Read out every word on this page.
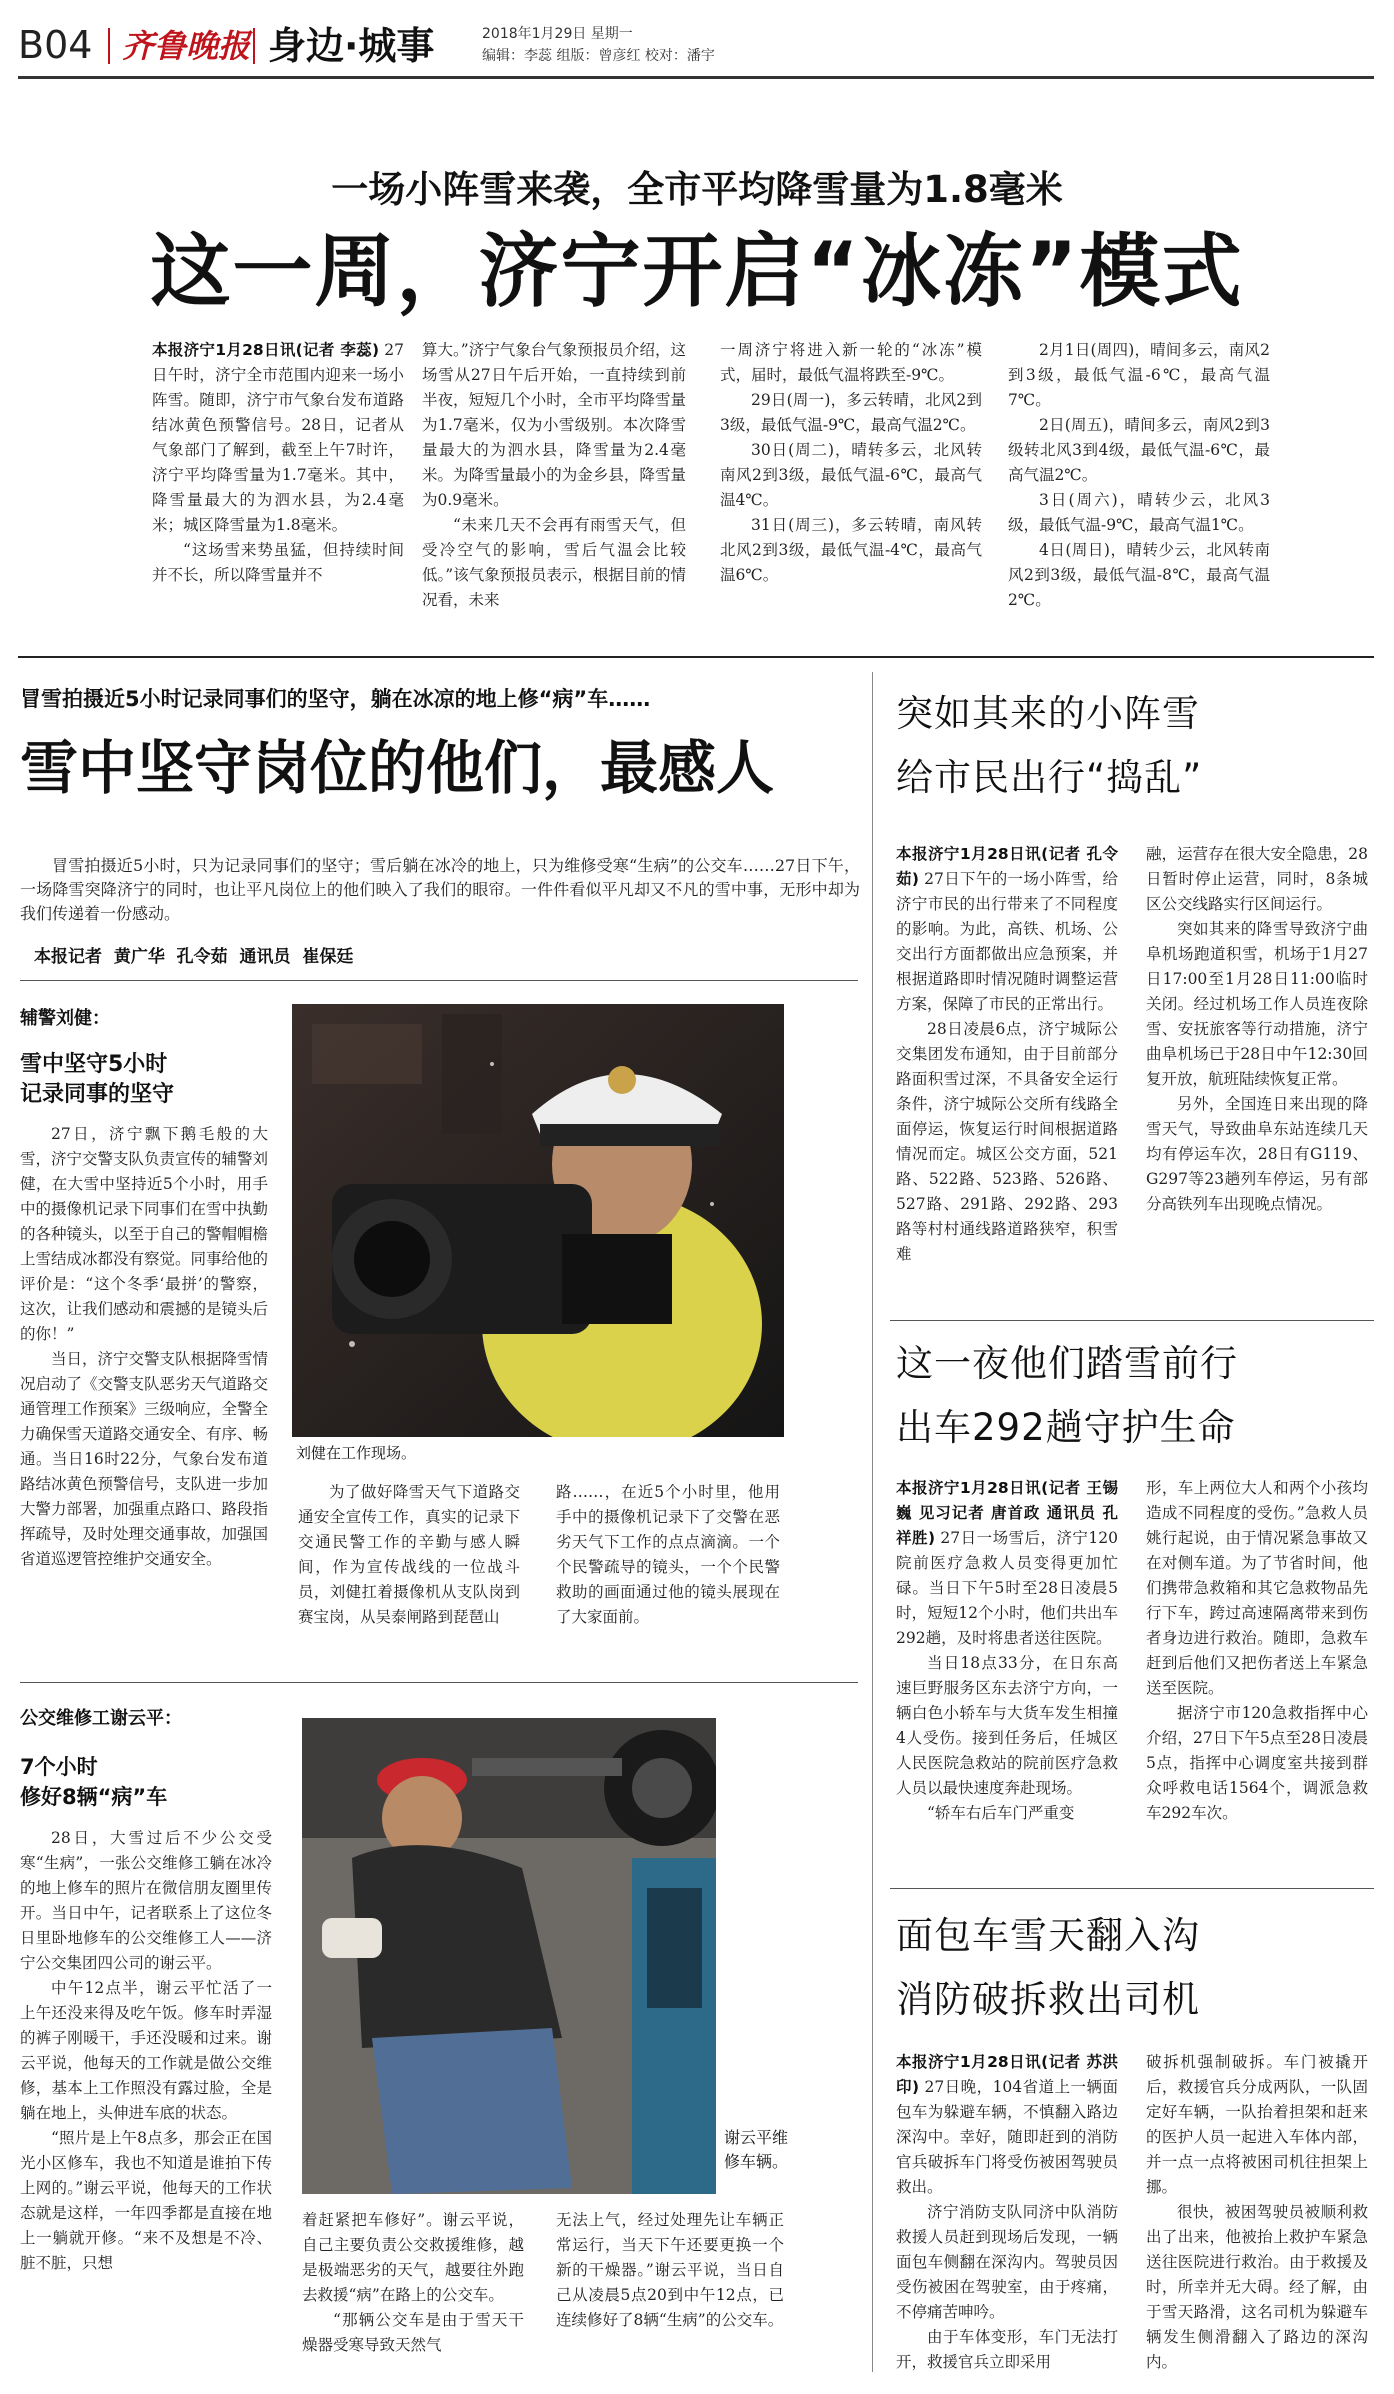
B04 齐鲁晚报 身边·城事	2018年1月29日 星期一
编辑：李蕊 组版：曾彦红 校对：潘宇
一场小阵雪来袭，全市平均降雪量为1.8毫米
这一周，济宁开启“冰冻”模式

本报济宁1月28日讯(记者 李蕊) 27日午时，济宁全市范围内迎来一场小阵雪。随即，济宁市气象台发布道路结冰黄色预警信号。28日，记者从气象部门了解到，截至上午7时许，济宁平均降雪量为1.7毫米。其中，降雪量最大的为泗水县，为2.4毫米；城区降雪量为1.8毫米。

“这场雪来势虽猛，但持续时间并不长，所以降雪量并不

算大。”济宁气象台气象预报员介绍，这场雪从27日午后开始，一直持续到前半夜，短短几个小时，全市平均降雪量为1.7毫米，仅为小雪级别。本次降雪量最大的为泗水县，降雪量为2.4毫米。为降雪量最小的为金乡县，降雪量为0.9毫米。

“未来几天不会再有雨雪天气，但受冷空气的影响，雪后气温会比较低。”该气象预报员表示，根据目前的情况看，未来

一周济宁将进入新一轮的“冰冻”模式，届时，最低气温将跌至-9℃。

29日(周一)，多云转晴，北风2到3级，最低气温-9℃，最高气温2℃。

30日(周二)，晴转多云，北风转南风2到3级，最低气温-6℃，最高气温4℃。

31日(周三)，多云转晴，南风转北风2到3级，最低气温-4℃，最高气温6℃。

2月1日(周四)，晴间多云，南风2到3级，最低气温-6℃，最高气温7℃。

2日(周五)，晴间多云，南风2到3级转北风3到4级，最低气温-6℃，最高气温2℃。

3日(周六)，晴转少云，北风3级，最低气温-9℃，最高气温1℃。

4日(周日)，晴转少云，北风转南风2到3级，最低气温-8℃，最高气温2℃。

冒雪拍摄近5小时记录同事们的坚守，躺在冰凉的地上修“病”车……
雪中坚守岗位的他们，最感人

冒雪拍摄近5小时，只为记录同事们的坚守；雪后躺在冰冷的地上，只为维修受寒“生病”的公交车……27日下午，一场降雪突降济宁的同时，也让平凡岗位上的他们映入了我们的眼帘。一件件看似平凡却又不凡的雪中事，无形中却为我们传递着一份感动。

本报记者  黄广华  孔令茹  通讯员  崔保廷
辅警刘健：
雪中坚守5小时
记录同事的坚守

27日，济宁飘下鹅毛般的大雪，济宁交警支队负责宣传的辅警刘健，在大雪中坚持近5个小时，用手中的摄像机记录下同事们在雪中执勤的各种镜头，以至于自己的警帽帽檐上雪结成冰都没有察觉。同事给他的评价是：“这个冬季‘最拼’的警察，这次，让我们感动和震撼的是镜头后的你！”

当日，济宁交警支队根据降雪情况启动了《交警支队恶劣天气道路交通管理工作预案》三级响应，全警全力确保雪天道路交通安全、有序、畅通。当日16时22分，气象台发布道路结冰黄色预警信号，支队进一步加大警力部署，加强重点路口、路段指挥疏导，及时处理交通事故，加强国省道巡逻管控维护交通安全。

刘健在工作现场。

为了做好降雪天气下道路交通安全宣传工作，真实的记录下交通民警工作的辛勤与感人瞬间，作为宣传战线的一位战斗员，刘健扛着摄像机从支队岗到赛宝岗，从吴泰闸路到琵琶山

路……，在近5个小时里，他用手中的摄像机记录下了交警在恶劣天气下工作的点点滴滴。一个个民警疏导的镜头，一个个民警救助的画面通过他的镜头展现在了大家面前。

公交维修工谢云平：
7个小时
修好8辆“病”车

28日，大雪过后不少公交受寒“生病”，一张公交维修工躺在冰冷的地上修车的照片在微信朋友圈里传开。当日中午，记者联系上了这位冬日里卧地修车的公交维修工人——济宁公交集团四公司的谢云平。

中午12点半，谢云平忙活了一上午还没来得及吃午饭。修车时弄湿的裤子刚暖干，手还没暖和过来。谢云平说，他每天的工作就是做公交维修，基本上工作照没有露过脸，全是躺在地上，头伸进车底的状态。

“照片是上午8点多，那会正在国光小区修车，我也不知道是谁拍下传上网的。”谢云平说，他每天的工作状态就是这样，一年四季都是直接在地上一躺就开修。“来不及想是不冷、脏不脏，只想

谢云平维修车辆。

着赶紧把车修好”。谢云平说，自己主要负责公交救援维修，越是极端恶劣的天气，越要往外跑去救援“病”在路上的公交车。

“那辆公交车是由于雪天干燥器受寒导致天然气

无法上气，经过处理先让车辆正常运行，当天下午还要更换一个新的干燥器。”谢云平说，当日自己从凌晨5点20到中午12点，已连续修好了8辆“生病”的公交车。

突如其来的小阵雪
给市民出行“捣乱”

本报济宁1月28日讯(记者 孔令茹) 27日下午的一场小阵雪，给济宁市民的出行带来了不同程度的影响。为此，高铁、机场、公交出行方面都做出应急预案，并根据道路即时情况随时调整运营方案，保障了市民的正常出行。

28日凌晨6点，济宁城际公交集团发布通知，由于目前部分路面积雪过深，不具备安全运行条件，济宁城际公交所有线路全面停运，恢复运行时间根据道路情况而定。城区公交方面，521路、522路、523路、526路、527路、291路、292路、293路等村村通线路道路狭窄，积雪难

融，运营存在很大安全隐患，28日暂时停止运营，同时，8条城区公交线路实行区间运行。

突如其来的降雪导致济宁曲阜机场跑道积雪，机场于1月27日17:00至1月28日11:00临时关闭。经过机场工作人员连夜除雪、安抚旅客等行动措施，济宁曲阜机场已于28日中午12:30回复开放，航班陆续恢复正常。

另外，全国连日来出现的降雪天气，导致曲阜东站连续几天均有停运车次，28日有G119、G297等23趟列车停运，另有部分高铁列车出现晚点情况。

这一夜他们踏雪前行
出车292趟守护生命

本报济宁1月28日讯(记者 王锡巍 见习记者 唐首政 通讯员 孔祥胜) 27日一场雪后，济宁120院前医疗急救人员变得更加忙碌。当日下午5时至28日凌晨5时，短短12个小时，他们共出车292趟，及时将患者送往医院。

当日18点33分，在日东高速巨野服务区东去济宁方向，一辆白色小轿车与大货车发生相撞4人受伤。接到任务后，任城区人民医院急救站的院前医疗急救人员以最快速度奔赴现场。

“轿车右后车门严重变

形，车上两位大人和两个小孩均造成不同程度的受伤。”急救人员姚行起说，由于情况紧急事故又在对侧车道。为了节省时间，他们携带急救箱和其它急救物品先行下车，跨过高速隔离带来到伤者身边进行救治。随即，急救车赶到后他们又把伤者送上车紧急送至医院。

据济宁市120急救指挥中心介绍，27日下午5点至28日凌晨5点，指挥中心调度室共接到群众呼救电话1564个，调派急救车292车次。

面包车雪天翻入沟
消防破拆救出司机

本报济宁1月28日讯(记者 苏洪印) 27日晚，104省道上一辆面包车为躲避车辆，不慎翻入路边深沟中。幸好，随即赶到的消防官兵破拆车门将受伤被困驾驶员救出。

济宁消防支队同济中队消防救援人员赶到现场后发现，一辆面包车侧翻在深沟内。驾驶员因受伤被困在驾驶室，由于疼痛，不停痛苦呻吟。

由于车体变形，车门无法打开，救援官兵立即采用

破拆机强制破拆。车门被撬开后，救援官兵分成两队，一队固定好车辆，一队抬着担架和赶来的医护人员一起进入车体内部，并一点一点将被困司机往担架上挪。

很快，被困驾驶员被顺利救出了出来，他被抬上救护车紧急送往医院进行救治。由于救援及时，所幸并无大碍。经了解，由于雪天路滑，这名司机为躲避车辆发生侧滑翻入了路边的深沟内。
